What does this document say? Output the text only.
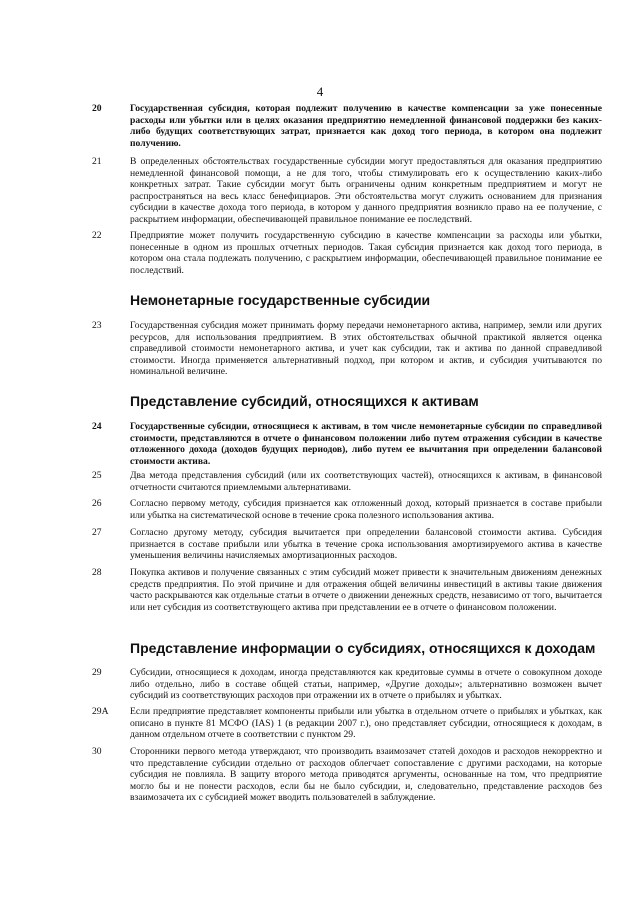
4
20	Государственная субсидия, которая подлежит получению в качестве компенсации за уже понесенные расходы или убытки или в целях оказания предприятию немедленной финансовой поддержки без каких-либо будущих соответствующих затрат, признается как доход того периода, в котором она подлежит получению.
21	В определенных обстоятельствах государственные субсидии могут предоставляться для оказания предприятию немедленной финансовой помощи, а не для того, чтобы стимулировать его к осуществлению каких-либо конкретных затрат. Такие субсидии могут быть ограничены одним конкретным предприятием и могут не распространяться на весь класс бенефициаров. Эти обстоятельства могут служить основанием для признания субсидии в качестве дохода того периода, в котором у данного предприятия возникло право на ее получение, с раскрытием информации, обеспечивающей правильное понимание ее последствий.
22	Предприятие может получить государственную субсидию в качестве компенсации за расходы или убытки, понесенные в одном из прошлых отчетных периодов. Такая субсидия признается как доход того периода, в котором она стала подлежать получению, с раскрытием информации, обеспечивающей правильное понимание ее последствий.
Немонетарные государственные субсидии
23	Государственная субсидия может принимать форму передачи немонетарного актива, например, земли или других ресурсов, для использования предприятием. В этих обстоятельствах обычной практикой является оценка справедливой стоимости немонетарного актива, и учет как субсидии, так и актива по данной справедливой стоимости. Иногда применяется альтернативный подход, при котором и актив, и субсидия учитываются по номинальной величине.
Представление субсидий, относящихся к активам
24	Государственные субсидии, относящиеся к активам, в том числе немонетарные субсидии по справедливой стоимости, представляются в отчете о финансовом положении либо путем отражения субсидии в качестве отложенного дохода (доходов будущих периодов), либо путем ее вычитания при определении балансовой стоимости актива.
25	Два метода представления субсидий (или их соответствующих частей), относящихся к активам, в финансовой отчетности считаются приемлемыми альтернативами.
26	Согласно первому методу, субсидия признается как отложенный доход, который признается в составе прибыли или убытка на систематической основе в течение срока полезного использования актива.
27	Согласно другому методу, субсидия вычитается при определении балансовой стоимости актива. Субсидия признается в составе прибыли или убытка в течение срока использования амортизируемого актива в качестве уменьшения величины начисляемых амортизационных расходов.
28	Покупка активов и получение связанных с этим субсидий может привести к значительным движениям денежных средств предприятия. По этой причине и для отражения общей величины инвестиций в активы такие движения часто раскрываются как отдельные статьи в отчете о движении денежных средств, независимо от того, вычитается или нет субсидия из соответствующего актива при представлении ее в отчете о финансовом положении.
Представление информации о субсидиях, относящихся к доходам
29	Субсидии, относящиеся к доходам, иногда представляются как кредитовые суммы в отчете о совокупном доходе либо отдельно, либо в составе общей статьи, например, «Другие доходы»; альтернативно возможен вычет субсидий из соответствующих расходов при отражении их в отчете о прибылях и убытках.
29A	Если предприятие представляет компоненты прибыли или убытка в отдельном отчете о прибылях и убытках, как описано в пункте 81 МСФО (IAS) 1 (в редакции 2007 г.), оно представляет субсидии, относящиеся к доходам, в данном отдельном отчете в соответствии с пунктом 29.
30	Сторонники первого метода утверждают, что производить взаимозачет статей доходов и расходов некорректно и что представление субсидии отдельно от расходов облегчает сопоставление с другими расходами, на которые субсидия не повлияла. В защиту второго метода приводятся аргументы, основанные на том, что предприятие могло бы и не понести расходов, если бы не было субсидии, и, следовательно, представление расходов без взаимозачета их с субсидией может вводить пользователей в заблуждение.
